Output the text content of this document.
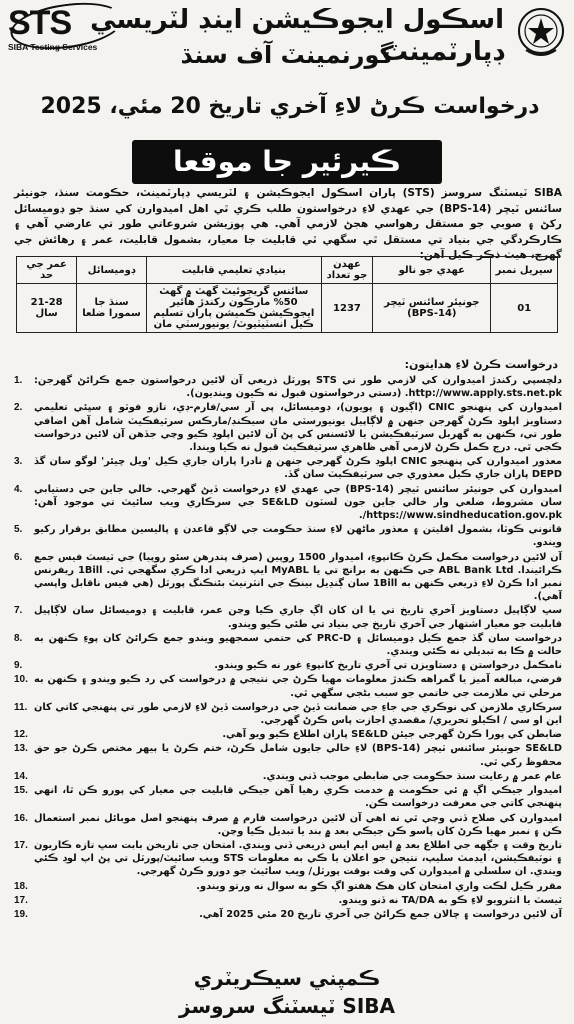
STS
SIBA Testing Services
اسڪول ايجوڪيشن اينڊ لٽريسي ڊپارٽمينٽ
گورنمينٽ آف سنڌ
درخواست ڪرڻ لاءِ آخري تاريخ 20 مئي، 2025
ڪيرئير جا موقعا
SIBA ٽيسٽنگ سروسز (STS) پاران اسڪول ايجوڪيشن ۽ لٽريسي ڊپارٽمينٽ، حڪومت سنڌ، جونيئر سائنس ٽيچر (BPS-14) جي عهدي لاءِ درخواستون طلب ڪري ٿي اهل اميدوارن کي سنڌ جو ڊوميسائل رکڻ ۽ صوبي جو مستقل رهواسي هجڻ لازمي آهي. هي پوزيشن شروعاتي طور تي عارضي آهي ۽ ڪارڪردگي جي بنياد تي مستقل ٿي سگهي ٿي قابليت جا معيار، بشمول قابليت، عمر ۽ رهائش جي گهرج، هيٺ ذڪر ڪيل آهن:
سيريل نمبر	عهدي جو نالو	عهدن جو تعداد	بنيادي تعليمي قابليت	ڊوميسائل	عمر جي حد
01	جونيئر سائنس ٽيچر (BPS-14)	1237	سائنس گريجوئيٽ گهٽ ۾ گهٽ 50% مارڪون رکندڙ هائير ايجوڪيشن ڪميشن پاران تسليم ڪيل انسٽيٽيوٽ/ يونيورسٽي مان	سنڌ جا سمورا ضلعا	21-28 سال
درخواست ڪرڻ لاءِ هدايتون:
1.	دلچسپي رکندڙ اميدوارن کي لازمي طور تي STS پورٽل ذريعي آن لائين درخواستون جمع ڪرائڻ گهرجن: http://www.apply.sts.net.pk. (دستي درخواستون قبول نه ڪيون وينديون).
2.	اميدوارن کي پنهنجو CNIC (اڳيون ۽ پويون)، ڊوميسائل، پي آر سي/فارم-ڊي، تازو فوٽو ۽ سڀئي تعليمي دستاويز اپلوڊ ڪرڻ گهرجن جنهن ۾ لاڳاپيل يونيورسٽي مان سيڪنڊ/مارڪس سرٽيفڪيٽ شامل آهن اضافي طور تي، ڪنهن به گهربل سرٽيفڪيشن يا لائسنس کي پڻ آن لائين اپلوڊ ڪيو وڃي جڏهن آن لائين درخواست ڪجي ٿي. درج ڪمل ڪرڻ لازمي آهي ظاهري سرٽيفڪيٽ قبول نه ڪيا ويندا.
3.	معذور اميدوارن کي پنهنجو CNIC اپلوڊ ڪرڻ گهرجي جنهن ۾ نادرا پاران جاري ڪيل 'ويل چيئر' لوگو سان گڏ DEPD پاران جاري ڪيل معذوري جي سرٽيفڪيٽ سان گڏ.
4.	اميدوارن کي جونيئر سائنس ٽيچر (BPS-14) جي عهدي لاءِ درخواست ڏيڻ گهرجي. خالي جاين جي دستيابي سان مشروط، ضلعي وار خالي جاين جون لسٽون SE&LD جي سرڪاري ويب سائيٽ تي موجود آهن: https://www.sindheducation.gov.pk/.
5.	قانوني ڪوٽا، بشمول اقليتن ۽ معذور ماڻهن لاءِ سنڌ حڪومت جي لاڳو قاعدن ۽ پاليسين مطابق برقرار رکيو ويندو.
6.	آن لائين درخواست مڪمل ڪرڻ ڪانپوءِ، اميدوار 1500 روپين (صرف پندرهن سئو روپيا) جي ٽيسٽ فيس جمع ڪرائيندا. ABL Bank Ltd جي ڪنهن به برانچ تي يا MyABL ايپ ذريعي ادا ڪري سگهجي ٿي. 1Bill ريفرنس نمبر ادا ڪرڻ لاءِ ذريعي ڪنهن به 1Bill سان ڳنڍيل بينڪ جي انٽرنيٽ بئنڪنگ پورٽل (هي فيس ناقابل واپسي آهي).
7.	سڀ لاڳاپيل دستاويز آخري تاريخ تي يا ان کان اڳ جاري ڪيا وڃن عمر، قابليت ۽ ڊوميسائل سان لاڳاپيل قابليت جو معيار اشتهار جي آخري تاريخ جي بنياد تي طئي ڪيو ويندو.
8.	درخواست سان گڏ جمع ڪيل ڊوميسائل ۽ PRC-D کي حتمي سمجهيو ويندو جمع ڪرائڻ کان پوءِ ڪنهن به حالت ۾ ڪا به تبديلي نه ڪئي ويندي.
9.	نامڪمل درخواستن ۽ دستاويزن تي آخري تاريخ کانپوءِ غور نه ڪيو ويندو.
10. فرضي، مبالغه آميز يا گمراهه ڪندڙ معلومات مهيا ڪرڻ جي نتيجي ۾ درخواست کي رد ڪيو ويندو ۽ ڪنهن به مرحلي تي ملازمت جي خاتمي جو سبب بڻجي سگهي ٿي.
11. سرڪاري ملازمن کي نوڪري جي جاءِ جي ضمانت ڏيڻ جي درخواست ڏيڻ لاءِ لازمي طور تي پنهنجي کاتي کان اين او سي / اڪيلو تحريري/ مقصدي اجازت پاس ڪرڻ گهرجي.
12.	ضابطن کي پورا ڪرڻ گهرجي جيئن SE&LD پاران اطلاع ڪيو ويو آهي.
13. SE&LD جونيئر سائنس ٽيچر (BPS-14) لاءِ خالي جايون شامل ڪرڻ، ختم ڪرڻ يا ٻيهر مختص ڪرڻ جو حق محفوظ رکي ٿي.
14.	عام عمر ۾ رعايت سنڌ حڪومت جي ضابطي موجب ڏني ويندي.
15. اميدوار جيڪي اڳ ۾ ئي حڪومت ۾ خدمت ڪري رهيا آهن جيڪي قابليت جي معيار کي پورو ڪن ٿا، انهي پنهنجي کاتي جي معرفت درخواست ڪن.
16. اميدوارن کي صلاح ڏني وڃي ٿي ته اهي آن لائين درخواست فارم ۾ صرف پنهنجو اصل موبائل نمبر استعمال ڪن ۽ نمبر مهيا ڪرڻ کان پاسو ڪن جيڪي بعد ۾ بند يا تبديل ڪيا وڃن.
17. تاريخ وقت ۽ جڳهه جي اطلاع بعد ۾ ايس ايم ايس ذريعي ڏني ويندي. امتحان جي تاريخن بابت سڀ تازه ڪاريون ۽ نوٽيفڪيشن، ايڊمٽ سليپ، نتيجن جو اعلان يا ڪي به معلومات STS ويب سائيٽ/پورٽل تي پڻ اپ لوڊ ڪئي ويندي. ان سلسلي ۾ اميدوارن کي وقت بوقت پورٽل/ ويب سائيٽ جو دورو ڪرڻ گهرجي.
18.	مقرر ڪيل لڪت واري امتحان کان هڪ هفتو اڳ ڪو به سوال نه ورتو ويندو.
17.	ٽيسٽ يا انٽرويو لاءِ ڪو به TA/DA نه ڏنو ويندو.
19.	آن لائين درخواست ۽ چالان جمع ڪرائڻ جي آخري تاريخ 20 مئي 2025 آهي.
ڪمپني سيڪريٽري
SIBA ٽيسٽنگ سروسز
